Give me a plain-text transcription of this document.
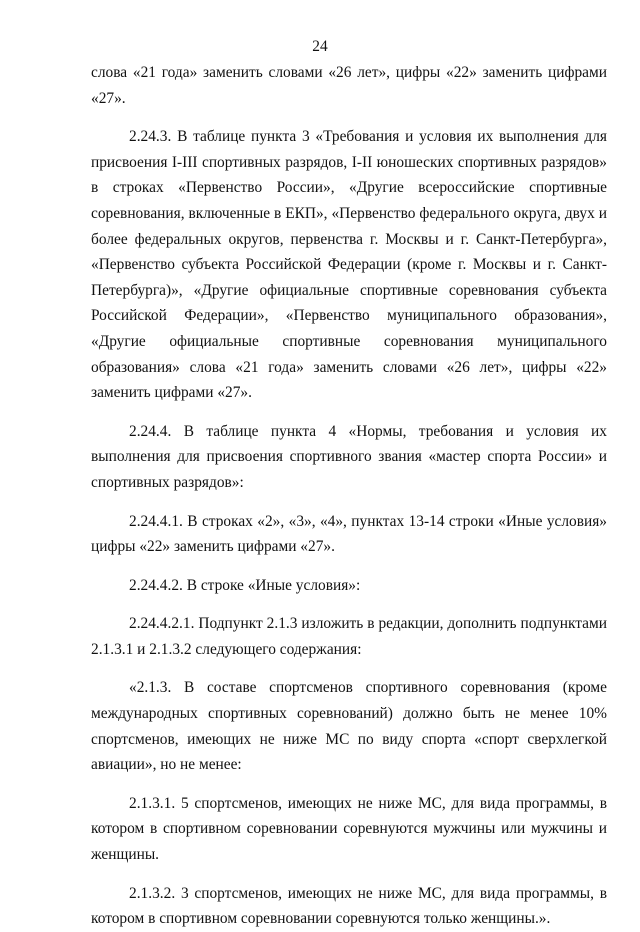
24

слова «21 года» заменить словами «26 лет», цифры «22» заменить цифрами «27».

2.24.3. В таблице пункта 3 «Требования и условия их выполнения для присвоения I-III спортивных разрядов, I-II юношеских спортивных разрядов» в строках «Первенство России», «Другие всероссийские спортивные соревнования, включенные в ЕКП», «Первенство федерального округа, двух и более федеральных округов, первенства г. Москвы и г. Санкт-Петербурга», «Первенство субъекта Российской Федерации (кроме г. Москвы и г. Санкт-Петербурга)», «Другие официальные спортивные соревнования субъекта Российской Федерации», «Первенство муниципального образования», «Другие официальные спортивные соревнования муниципального образования» слова «21 года» заменить словами «26 лет», цифры «22» заменить цифрами «27».

2.24.4. В таблице пункта 4 «Нормы, требования и условия их выполнения для присвоения спортивного звания «мастер спорта России» и спортивных разрядов»:

2.24.4.1. В строках «2», «3», «4», пунктах 13-14 строки «Иные условия» цифры «22» заменить цифрами «27».

2.24.4.2. В строке «Иные условия»:

2.24.4.2.1. Подпункт 2.1.3 изложить в редакции, дополнить подпунктами 2.1.3.1 и 2.1.3.2 следующего содержания:

«2.1.3. В составе спортсменов спортивного соревнования (кроме международных спортивных соревнований) должно быть не менее 10% спортсменов, имеющих не ниже МС по виду спорта «спорт сверхлегкой авиации», но не менее:

2.1.3.1. 5 спортсменов, имеющих не ниже МС, для вида программы, в котором в спортивном соревновании соревнуются мужчины или мужчины и женщины.

2.1.3.2. 3 спортсменов, имеющих не ниже МС, для вида программы, в котором в спортивном соревновании соревнуются только женщины.».
